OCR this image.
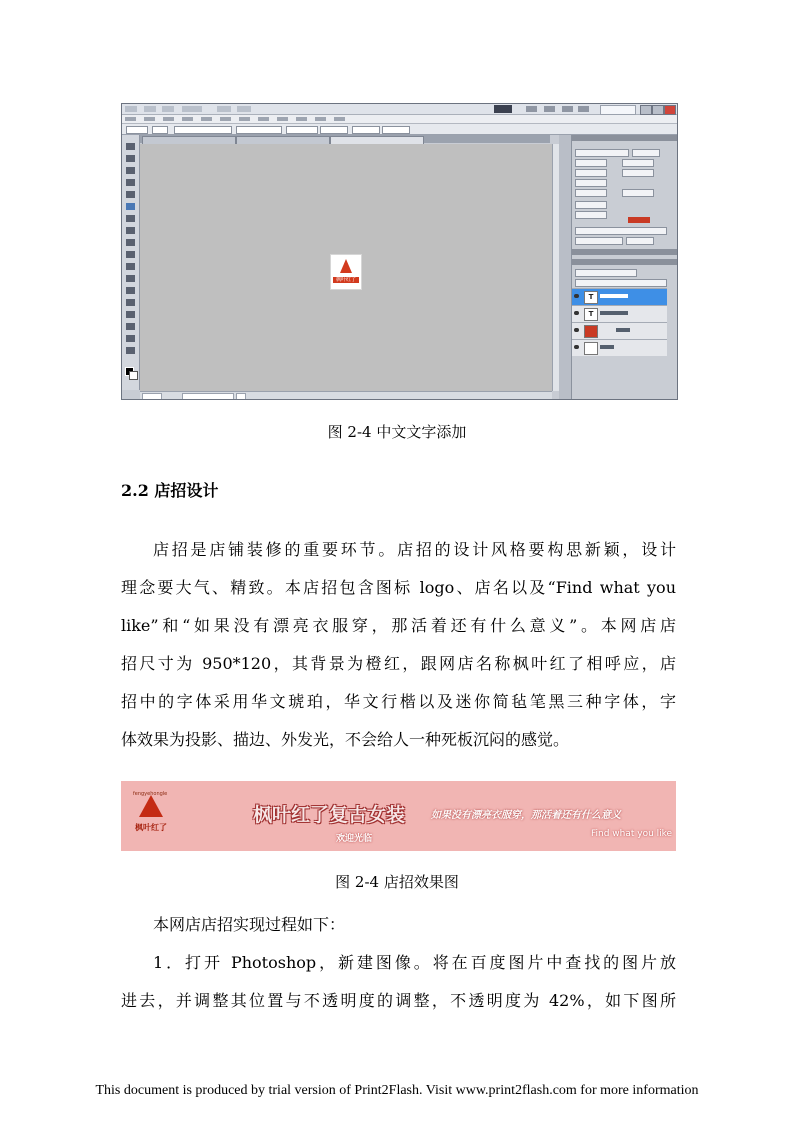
枫叶红了
T
T
图 2-4 中文文字添加
2.2 店招设计
店招是店铺装修的重要环节。店招的设计风格要构思新颖，设计
理念要大气、精致。本店招包含图标 logo、店名以及“Find what you
like”和“如果没有漂亮衣服穿，那活着还有什么意义”。本网店店
招尺寸为 950*120，其背景为橙红，跟网店名称枫叶红了相呼应，店
招中的字体采用华文琥珀，华文行楷以及迷你简毡笔黑三种字体，字
体效果为投影、描边、外发光，不会给人一种死板沉闷的感觉。
fengyehongle
枫叶红了
枫叶红了复古女装
欢迎光临
如果没有漂亮衣服穿，那活着还有什么意义
Find what you like
图 2-4 店招效果图
本网店店招实现过程如下：
1．打开 Photoshop，新建图像。将在百度图片中查找的图片放
进去，并调整其位置与不透明度的调整，不透明度为 42%，如下图所
This document is produced by trial version of Print2Flash. Visit www.print2flash.com for more information
